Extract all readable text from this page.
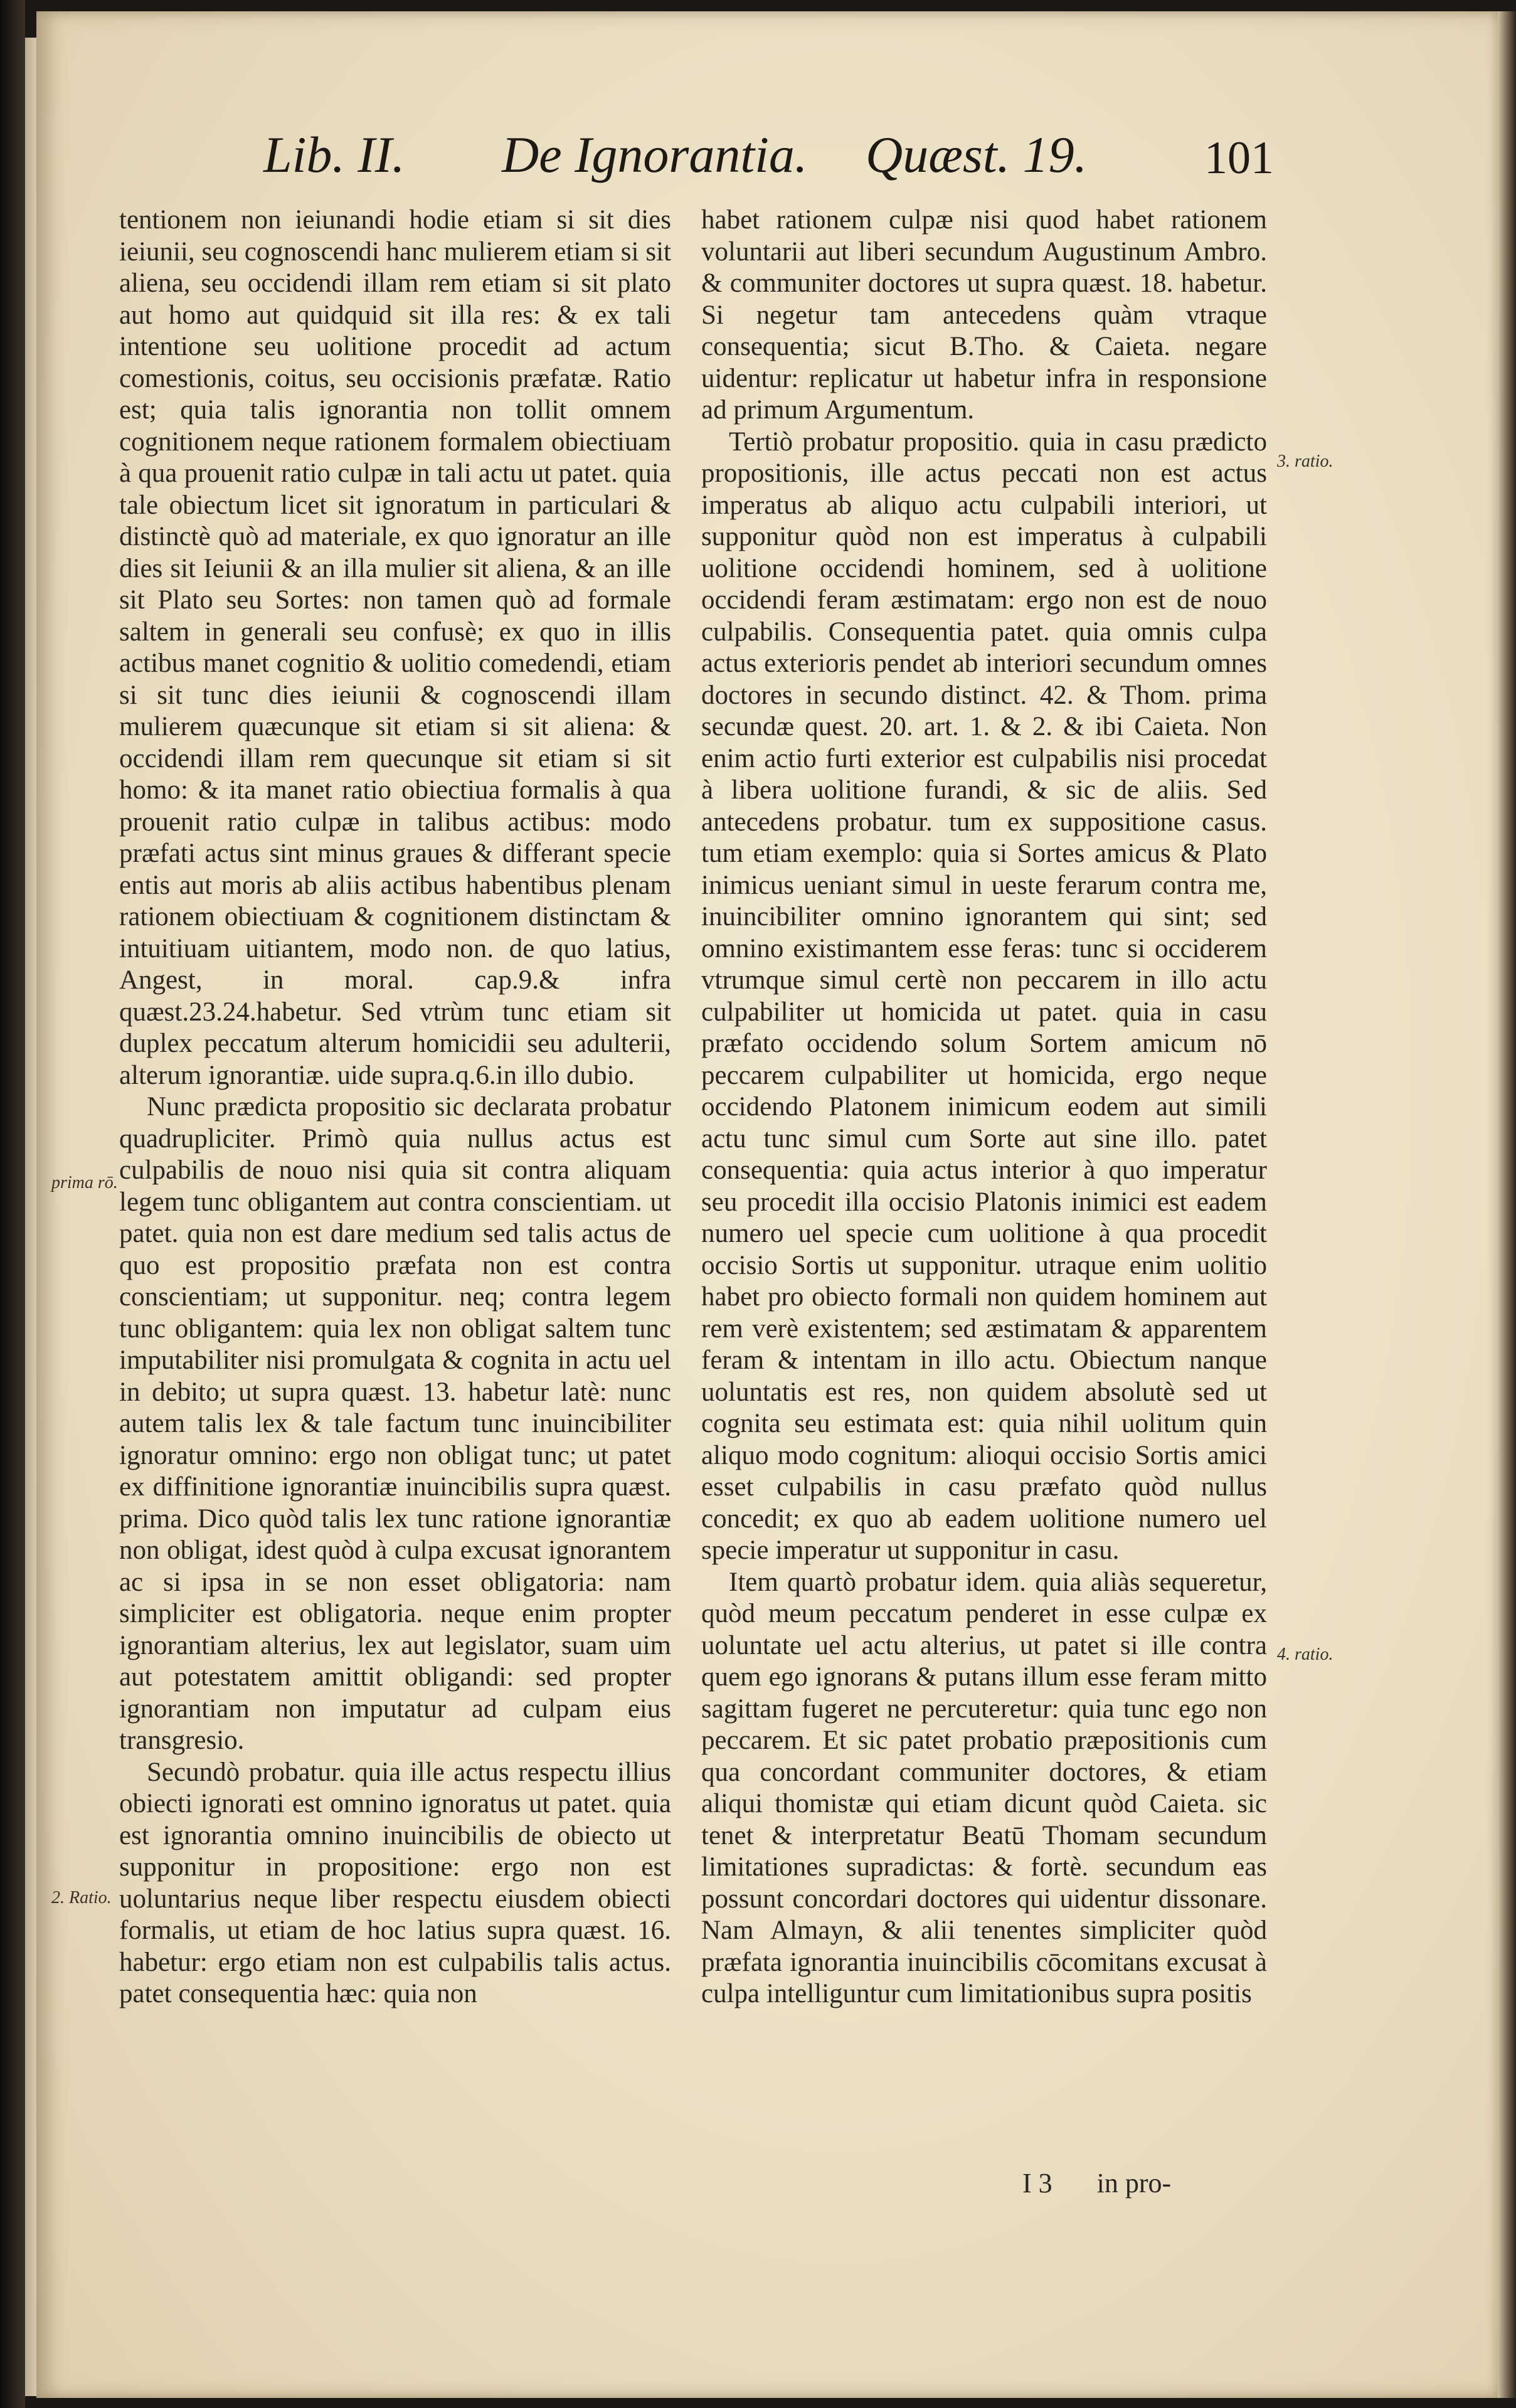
Lib. II. De Ignorantia. Quæst. 19.	101

tentionem non ieiunandi hodie etiam si sit dies ieiunii, seu cognoscendi hanc mulierem etiam si sit aliena, seu occidendi illam rem etiam si sit plato aut homo aut quidquid sit illa res: & ex tali intentione seu uolitione procedit ad actum comestionis, coitus, seu occisionis præfatæ. Ratio est; quia talis ignorantia non tollit omnem cognitionem neque rationem formalem obiectiuam à qua prouenit ratio culpæ in tali actu ut patet. quia tale obiectum licet sit ignoratum in particulari & distinctè quò ad materiale, ex quo ignoratur an ille dies sit Ieiunii & an illa mulier sit aliena, & an ille sit Plato seu Sortes: non tamen quò ad formale saltem in generali seu confusè; ex quo in illis actibus manet cognitio & uolitio comedendi, etiam si sit tunc dies ieiunii & cognoscendi illam mulierem quæcunque sit etiam si sit aliena: & occidendi illam rem quecunque sit etiam si sit homo: & ita manet ratio obiectiua formalis à qua prouenit ratio culpæ in talibus actibus: modo præfati actus sint minus graues & differant specie entis aut moris ab aliis actibus habentibus plenam rationem obiectiuam & cognitionem distinctam & intuitiuam uitiantem, modo non. de quo latius, Angest, in moral. cap.9.& infra quæst.23.24.habetur. Sed vtrùm tunc etiam sit duplex peccatum alterum homicidii seu adulterii, alterum ignorantiæ. uide supra.q.6.in illo dubio.

Nunc prædicta propositio sic declarata probatur quadrupliciter. Primò quia nullus actus est culpabilis de nouo nisi quia sit contra aliquam legem tunc obligantem aut contra conscientiam. ut patet. quia non est dare medium sed talis actus de quo est propositio præfata non est contra conscientiam; ut supponitur. neq; contra legem tunc obligantem: quia lex non obligat saltem tunc imputabiliter nisi promulgata & cognita in actu uel in debito; ut supra quæst. 13. habetur latè: nunc autem talis lex & tale factum tunc inuincibiliter ignoratur omnino: ergo non obligat tunc; ut patet ex diffinitione ignorantiæ inuincibilis supra quæst. prima. Dico quòd talis lex tunc ratione ignorantiæ non obligat, idest quòd à culpa excusat ignorantem ac si ipsa in se non esset obligatoria: nam simpliciter est obligatoria. neque enim propter ignorantiam alterius, lex aut legislator, suam uim aut potestatem amittit obligandi: sed propter ignorantiam non imputatur ad culpam eius transgresio.

Secundò probatur. quia ille actus respectu illius obiecti ignorati est omnino ignoratus ut patet. quia est ignorantia omnino inuincibilis de obiecto ut supponitur in propositione: ergo non est uoluntarius neque liber respectu eiusdem obiecti formalis, ut etiam de hoc latius supra quæst. 16. habetur: ergo etiam non est culpabilis talis actus. patet consequentia hæc: quia non

habet rationem culpæ nisi quod habet rationem voluntarii aut liberi secundum Augustinum Ambro. & communiter doctores ut supra quæst. 18. habetur. Si negetur tam antecedens quàm vtraque consequentia; sicut B.Tho. & Caieta. negare uidentur: replicatur ut habetur infra in responsione ad primum Argumentum.

Tertiò probatur propositio. quia in casu prædicto propositionis, ille actus peccati non est actus imperatus ab aliquo actu culpabili interiori, ut supponitur quòd non est imperatus à culpabili uolitione occidendi hominem, sed à uolitione occidendi feram æstimatam: ergo non est de nouo culpabilis. Consequentia patet. quia omnis culpa actus exterioris pendet ab interiori secundum omnes doctores in secundo distinct. 42. & Thom. prima secundæ quest. 20. art. 1. & 2. & ibi Caieta. Non enim actio furti exterior est culpabilis nisi procedat à libera uolitione furandi, & sic de aliis. Sed antecedens probatur. tum ex suppositione casus. tum etiam exemplo: quia si Sortes amicus & Plato inimicus ueniant simul in ueste ferarum contra me, inuincibiliter omnino ignorantem qui sint; sed omnino existimantem esse feras: tunc si occiderem vtrumque simul certè non peccarem in illo actu culpabiliter ut homicida ut patet. quia in casu præfato occidendo solum Sortem amicum nō peccarem culpabiliter ut homicida, ergo neque occidendo Platonem inimicum eodem aut simili actu tunc simul cum Sorte aut sine illo. patet consequentia: quia actus interior à quo imperatur seu procedit illa occisio Platonis inimici est eadem numero uel specie cum uolitione à qua procedit occisio Sortis ut supponitur. utraque enim uolitio habet pro obiecto formali non quidem hominem aut rem verè existentem; sed æstimatam & apparentem feram & intentam in illo actu. Obiectum nanque uoluntatis est res, non quidem absolutè sed ut cognita seu estimata est: quia nihil uolitum quin aliquo modo cognitum: alioqui occisio Sortis amici esset culpabilis in casu præfato quòd nullus concedit; ex quo ab eadem uolitione numero uel specie imperatur ut supponitur in casu.

Item quartò probatur idem. quia aliàs sequeretur, quòd meum peccatum penderet in esse culpæ ex uoluntate uel actu alterius, ut patet si ille contra quem ego ignorans & putans illum esse feram mitto sagittam fugeret ne percuteretur: quia tunc ego non peccarem. Et sic patet probatio præpositionis cum qua concordant communiter doctores, & etiam aliqui thomistæ qui etiam dicunt quòd Caieta. sic tenet & interpretatur Beatū Thomam secundum limitationes supradictas: & fortè. secundum eas possunt concordari doctores qui uidentur dissonare. Nam Almayn, & alii tenentes simpliciter quòd præfata ignorantia inuincibilis cōcomitans excusat à culpa intelliguntur cum limitationibus supra positis

prima rō.
2. Ratio.
3. ratio.
4. ratio.
I 3 in pro-
